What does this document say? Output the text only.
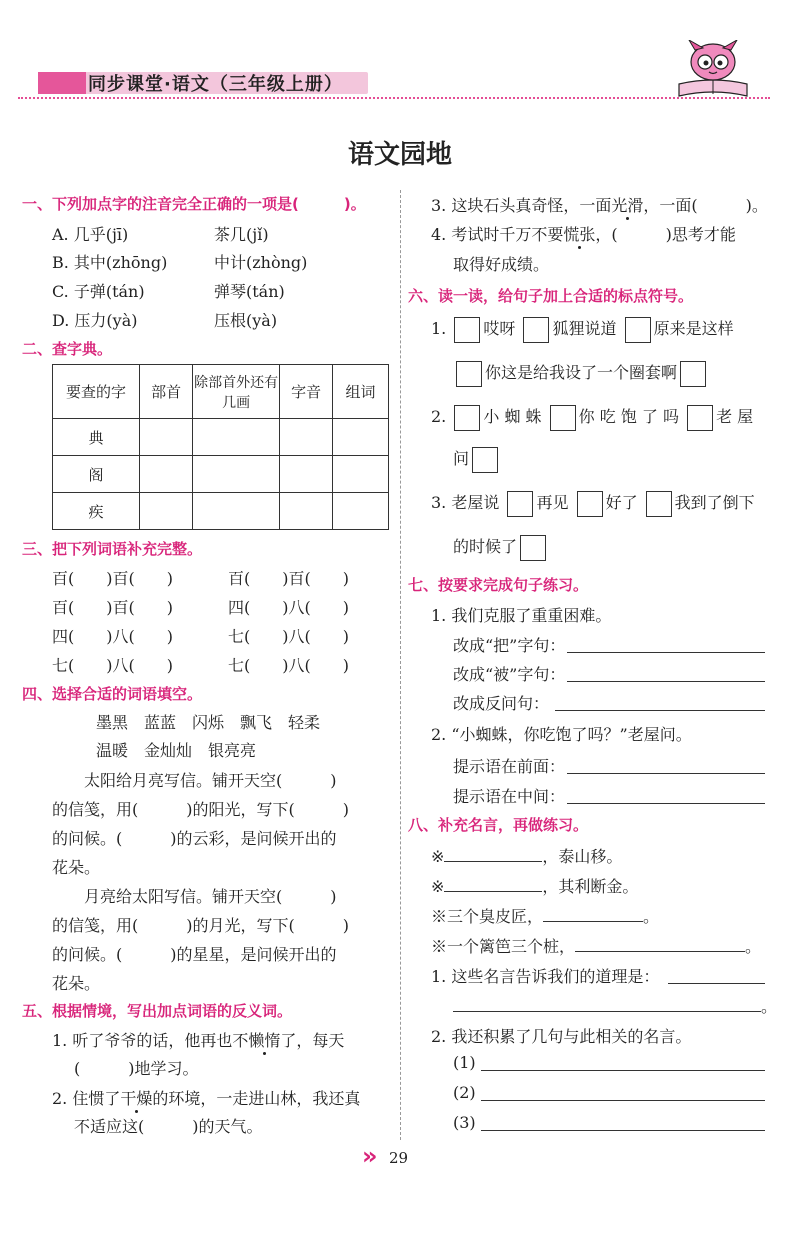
同步课堂·语文（三年级上册）
语文园地
一、下列加点字的注音完全正确的一项是(　　　)。
A. 几乎(jī)	茶几(jǐ)
B. 其中(zhōng)	中计(zhòng)
C. 子弹(tán)	弹琴(tán)
D. 压力(yà)	压根(yà)
二、查字典。
要查的字	部首	除部首外还有几画	字音	组词
典				
阁				
疾				
三、把下列词语补充完整。
百(　　)百(　　)	百(　　)百(　　)
百(　　)百(　　)	四(　　)八(　　)
四(　　)八(　　)	七(　　)八(　　)
七(　　)八(　　)	七(　　)八(　　)
四、选择合适的词语填空。
墨黑　蓝蓝　闪烁　飘飞　轻柔
温暖　金灿灿　银亮亮
太阳给月亮写信。铺开天空(　　　)
的信笺，用(　　　)的阳光，写下(　　　)
的问候。(　　　)的云彩，是问候开出的
花朵。
月亮给太阳写信。铺开天空(　　　)
的信笺，用(　　　)的月光，写下(　　　)
的问候。(　　　)的星星，是问候开出的
花朵。
五、根据情境，写出加点词语的反义词。
1. 听了爷爷的话，他再也不懒惰了，每天
(　　　)地学习。
2. 住惯了干燥的环境，一走进山林，我还真
不适应这(　　　)的天气。
3. 这块石头真奇怪，一面光滑，一面(　　　)。
4. 考试时千万不要慌张，(　　　)思考才能
取得好成绩。
六、读一读，给句子加上合适的标点符号。
1. 哎呀 狐狸说道 原来是这样
你这是给我设了一个圈套啊
2. 小 蜘 蛛 你 吃 饱 了 吗 老 屋
问
3. 老屋说 再见 好了 我到了倒下
的时候了
七、按要求完成句子练习。
1. 我们克服了重重困难。
改成“把”字句：
改成“被”字句：
改成反问句：
2. “小蜘蛛，你吃饱了吗？”老屋问。
提示语在前面：
提示语在中间：
八、补充名言，再做练习。
※	，泰山移。
※	，其利断金。
※三个臭皮匠，	。
※一个篱笆三个桩，	。
1. 这些名言告诉我们的道理是：
。
2. 我还积累了几句与此相关的名言。
(1)
(2)
(3)
» 29
